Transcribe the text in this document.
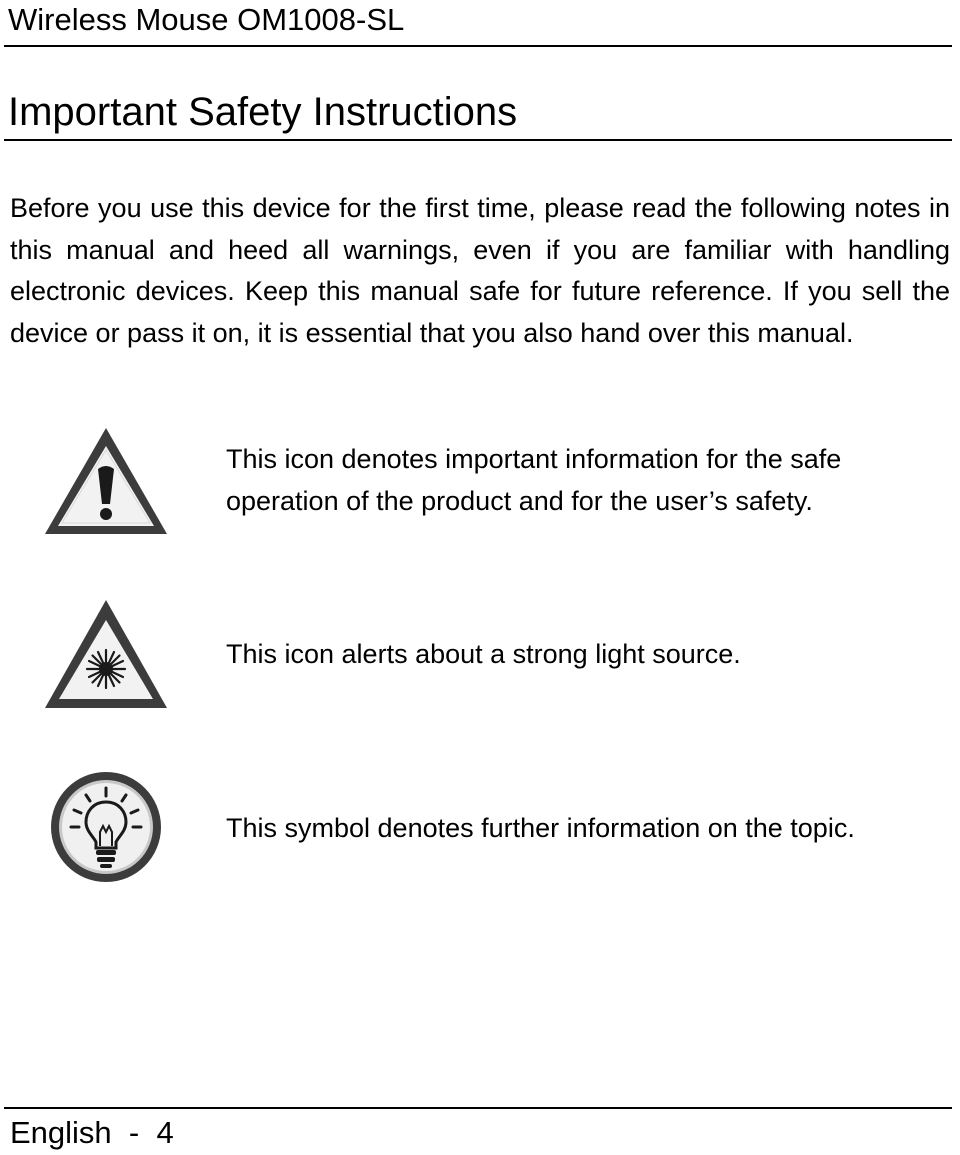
Wireless Mouse OM1008-SL
Important Safety Instructions

Before you use this device for the first time, please read the following notes in this manual and heed all warnings, even if you are familiar with handling electronic devices. Keep this manual safe for future reference. If you sell the device or pass it on, it is essential that you also hand over this manual.

This icon denotes important information for the safe operation of the product and for the user’s safety.

This icon alerts about a strong light source.

This symbol denotes further information on the topic.

English  -  4
